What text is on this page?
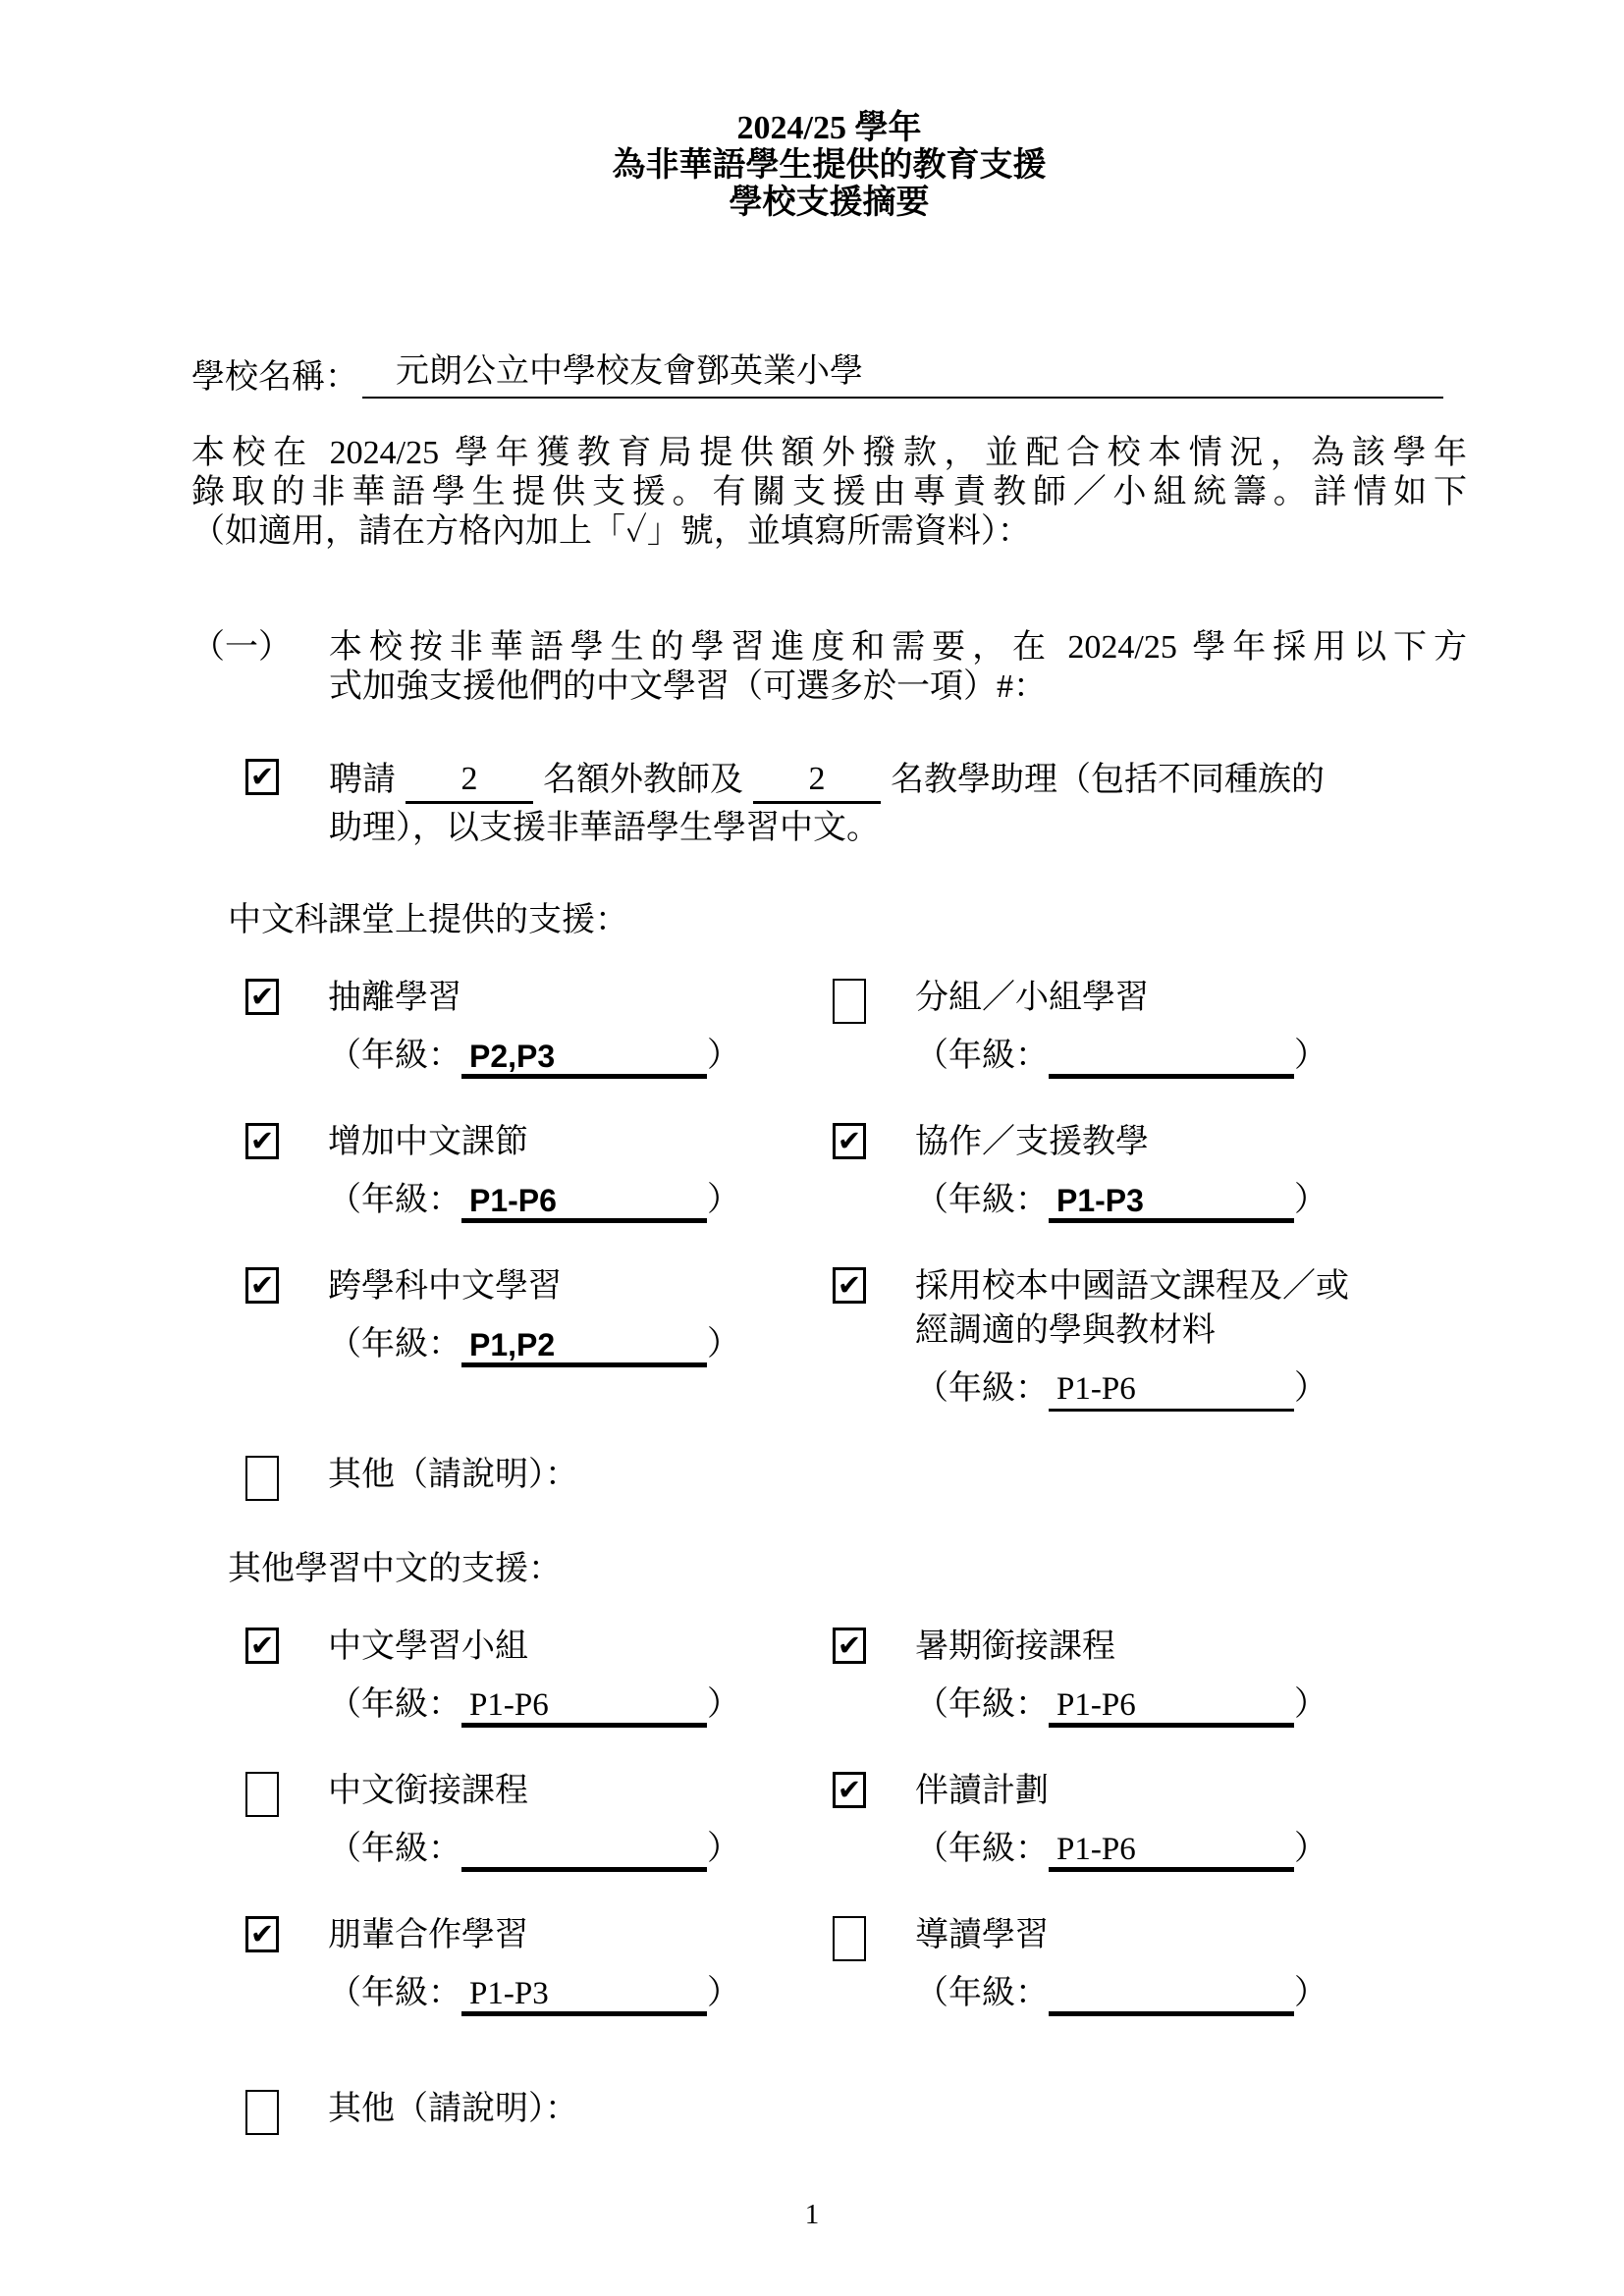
2024/25 學年
為非華語學生提供的教育支援
學校支援摘要
學校名稱：	元朗公立中學校友會鄧英業小學
本校在 2024/25 學年獲教育局提供額外撥款，並配合校本情況，為該學年
錄取的非華語學生提供支援。有關支援由專責教師／小組統籌。詳情如下
（如適用，請在方格內加上「✓」號，並填寫所需資料）：
（一）	本校按非華語學生的學習進度和需要，在 2024/25 學年採用以下方
式加強支援他們的中文學習（可選多於一項）#：
✔ 聘請 2 名額外教師及 2 名教學助理（包括不同種族的
助理），以支援非華語學生學習中文。
中文科課堂上提供的支援：
✔ 抽離學習
（年級： P2,P3	）
分組／小組學習
（年級：	）
✔ 增加中文課節
（年級： P1-P6	）
✔ 協作／支援教學
（年級： P1-P3	）
✔ 跨學科中文學習
（年級： P1,P2	）
✔ 採用校本中國語文課程及／或經調適的學與教材料
（年級： P1-P6	）
其他（請說明）：
其他學習中文的支援：
✔ 中文學習小組
（年級： P1-P6	）
✔ 暑期銜接課程
（年級： P1-P6	）
中文銜接課程
（年級：	）
✔ 伴讀計劃
（年級： P1-P6	）
✔ 朋輩合作學習
（年級： P1-P3	）
導讀學習
（年級：	）
其他（請說明）：
1
